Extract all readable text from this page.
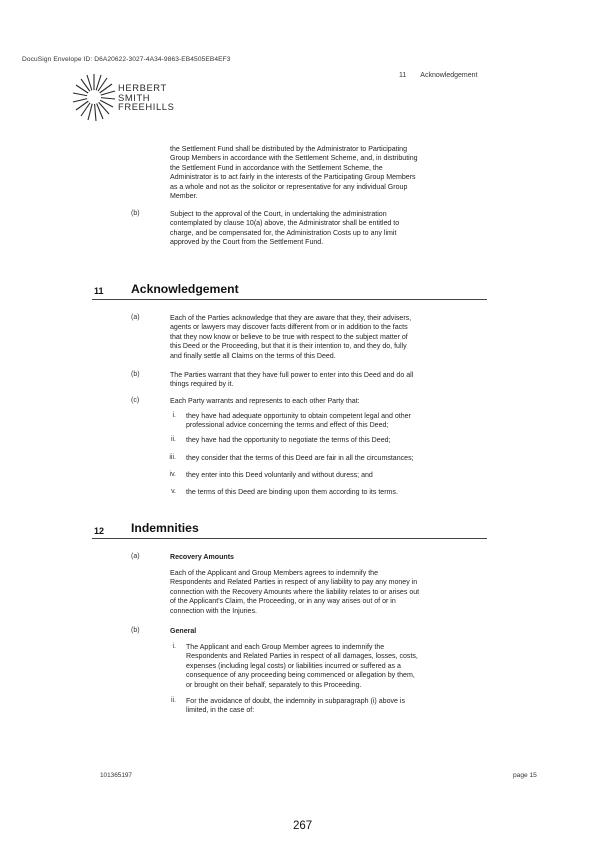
DocuSign Envelope ID: D6A20622-3027-4A34-9863-EB4505EB4EF3
HERBERT
SMITH
FREEHILLS
11 Acknowledgement
the Settlement Fund shall be distributed by the Administrator to Participating
Group Members in accordance with the Settlement Scheme, and, in distributing
the Settlement Fund in accordance with the Settlement Scheme, the
Administrator is to act fairly in the interests of the Participating Group Members
as a whole and not as the solicitor or representative for any individual Group
Member.
(b)	Subject to the approval of the Court, in undertaking the administration
contemplated by clause 10(a) above, the Administrator shall be entitled to
charge, and be compensated for, the Administration Costs up to any limit
approved by the Court from the Settlement Fund.
11 Acknowledgement
(a)	Each of the Parties acknowledge that they are aware that they, their advisers,
agents or lawyers may discover facts different from or in addition to the facts
that they now know or believe to be true with respect to the subject matter of
this Deed or the Proceeding, but that it is their intention to, and they do, fully
and finally settle all Claims on the terms of this Deed.
(b)	The Parties warrant that they have full power to enter into this Deed and do all
things required by it.
(c)	Each Party warrants and represents to each other Party that:
i. they have had adequate opportunity to obtain competent legal and other
professional advice concerning the terms and effect of this Deed;
ii. they have had the opportunity to negotiate the terms of this Deed;
iii. they consider that the terms of this Deed are fair in all the circumstances;
iv. they enter into this Deed voluntarily and without duress; and
v. the terms of this Deed are binding upon them according to its terms.
12 Indemnities
(a)	Recovery Amounts
Each of the Applicant and Group Members agrees to indemnify the
Respondents and Related Parties in respect of any liability to pay any money in
connection with the Recovery Amounts where the liability relates to or arises out
of the Applicant's Claim, the Proceeding, or in any way arises out of or in
connection with the Injuries.
(b)	General
i. The Applicant and each Group Member agrees to indemnify the
Respondents and Related Parties in respect of all damages, losses, costs,
expenses (including legal costs) or liabilities incurred or suffered as a
consequence of any proceeding being commenced or allegation by them,
or brought on their behalf, separately to this Proceeding.
ii. For the avoidance of doubt, the indemnity in subparagraph (i) above is
limited, in the case of:
101365197	page 15
267
